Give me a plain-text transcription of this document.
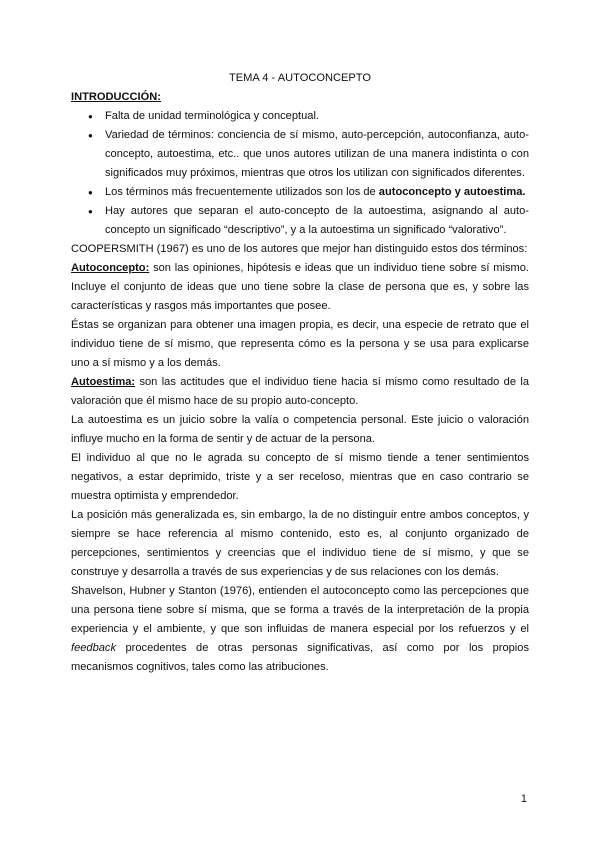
TEMA 4 - AUTOCONCEPTO

INTRODUCCIÓN:

● Falta de unidad terminológica y conceptual.
● Variedad de términos: conciencia de sí mismo, auto-percepción, autoconfianza, auto-concepto, autoestima, etc.. que unos autores utilizan de una manera indistinta o con significados muy próximos, mientras que otros los utilizan con significados diferentes.
● Los términos más frecuentemente utilizados son los de autoconcepto y autoestima.
● Hay autores que separan el auto-concepto de la autoestima, asignando al auto-concepto un significado “descriptivo”, y a la autoestima un significado “valorativo”.

COOPERSMITH (1967) es uno de los autores que mejor han distinguido estos dos términos:

Autoconcepto: son las opiniones, hipótesis e ideas que un individuo tiene sobre sí mismo. Incluye el conjunto de ideas que uno tiene sobre la clase de persona que es, y sobre las características y rasgos más importantes que posee.

Éstas se organizan para obtener una imagen propia, es decir, una especie de retrato que el individuo tiene de sí mismo, que representa cómo es la persona y se usa para explicarse uno a sí mismo y a los demás.

Autoestima: son las actitudes que el individuo tiene hacia sí mismo como resultado de la valoración que él mismo hace de su propio auto-concepto.

La autoestima es un juicio sobre la valía o competencia personal. Este juicio o valoración influye mucho en la forma de sentir y de actuar de la persona.

El individuo al que no le agrada su concepto de sí mismo tiende a tener sentimientos negativos, a estar deprimido, triste y a ser receloso, mientras que en caso contrario se muestra optimista y emprendedor.

La posición más generalizada es, sin embargo, la de no distinguir entre ambos conceptos, y siempre se hace referencia al mismo contenido, esto es, al conjunto organizado de percepciones, sentimientos y creencias que el individuo tiene de sí mismo, y que se construye y desarrolla a través de sus experiencias y de sus relaciones con los demás.

Shavelson, Hubner y Stanton (1976), entienden el autoconcepto como las percepciones que una persona tiene sobre sí misma, que se forma a través de la interpretación de la propia experiencia y el ambiente, y que son influidas de manera especial por los refuerzos y el feedback procedentes de otras personas significativas, así como por los propios mecanismos cognitivos, tales como las atribuciones.

1
